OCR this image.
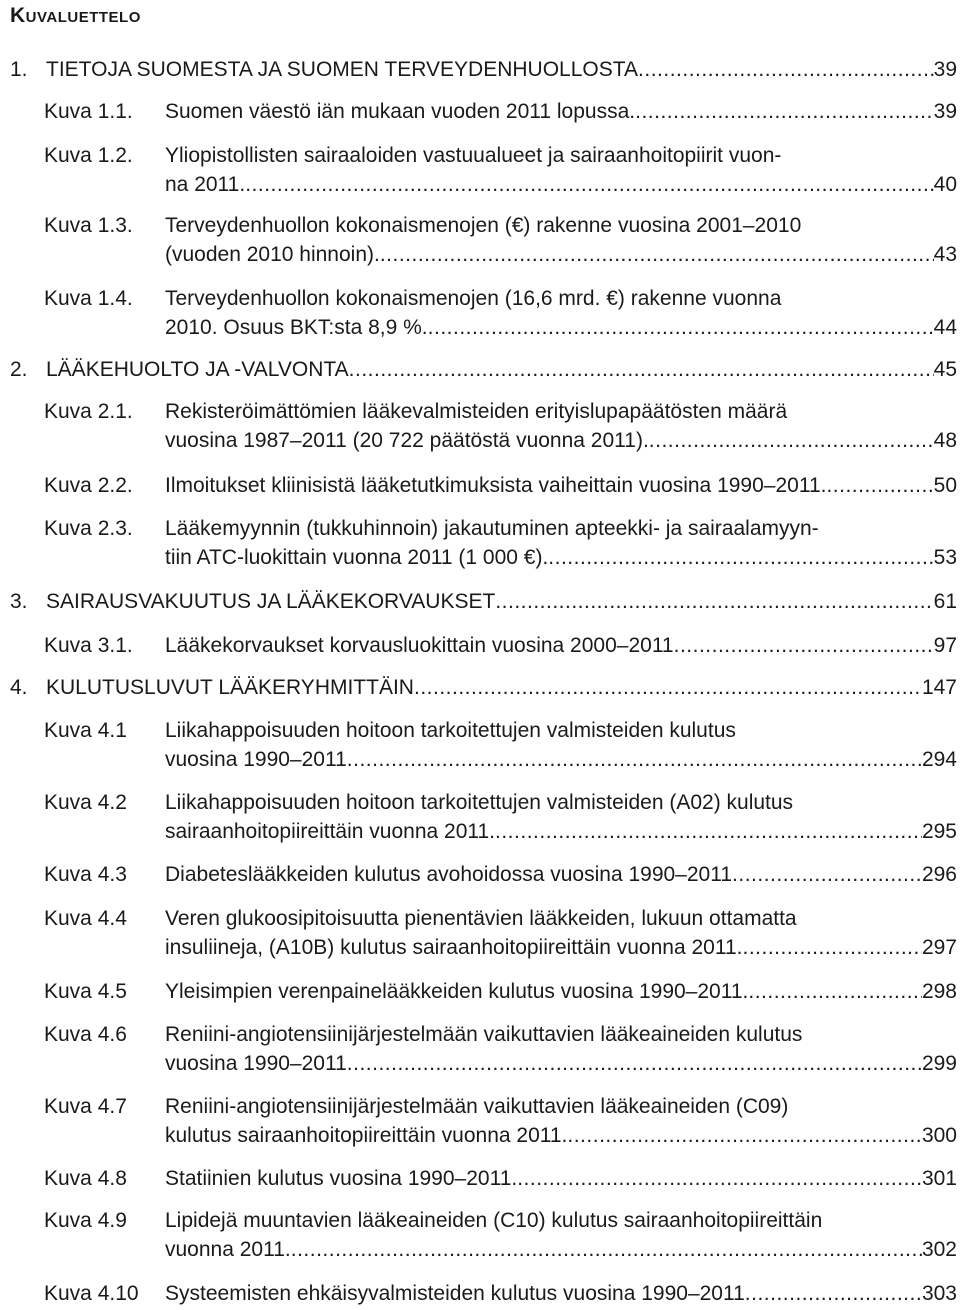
Kuvaluettelo
1. TIETOJA SUOMESTA JA SUOMEN TERVEYDENHUOLLOSTA .....	39
Kuva 1.1.	Suomen väestö iän mukaan vuoden 2011 lopussa. .....	39
Kuva 1.2.	Yliopistollisten sairaaloiden vastuualueet ja sairaanhoitopiirit vuon-
na 2011. .....	40
Kuva 1.3.	Terveydenhuollon kokonaismenojen (€) rakenne vuosina 2001–2010
(vuoden 2010 hinnoin). .....	43
Kuva 1.4.	Terveydenhuollon kokonaismenojen (16,6 mrd. €) rakenne vuonna
2010. Osuus BKT:sta 8,9 %. .....	44
2. LÄÄKEHUOLTO JA -VALVONTA .....	45
Kuva 2.1.	Rekisteröimättömien lääkevalmisteiden erityislupapäätösten määrä
vuosina 1987–2011 (20 722 päätöstä vuonna 2011). .....	48
Kuva 2.2.	Ilmoitukset kliinisistä lääketutkimuksista vaiheittain vuosina 1990–2011. .....	50
Kuva 2.3.	Lääkemyynnin (tukkuhinnoin) jakautuminen apteekki- ja sairaalamyyn-
tiin ATC-luokittain vuonna 2011 (1 000 €). .....	53
3. SAIRAUSVAKUUTUS JA LÄÄKEKORVAUKSET .....	61
Kuva 3.1.	Lääkekorvaukset korvausluokittain vuosina 2000–2011 .....	97
4. KULUTUSLUVUT LÄÄKERYHMITTÄIN .....	147
Kuva 4.1	Liikahappoisuuden hoitoon tarkoitettujen valmisteiden kulutus
vuosina 1990–2011 .....	294
Kuva 4.2	Liikahappoisuuden hoitoon tarkoitettujen valmisteiden (A02) kulutus
sairaanhoitopiireittäin vuonna 2011. .....	295
Kuva 4.3	Diabeteslääkkeiden kulutus avohoidossa vuosina 1990–2011 .....	296
Kuva 4.4	Veren glukoosipitoisuutta pienentävien lääkkeiden, lukuun ottamatta
insuliineja, (A10B) kulutus sairaanhoitopiireittäin vuonna 2011. .....	297
Kuva 4.5	Yleisimpien verenpainelääkkeiden kulutus vuosina 1990–2011. .....	298
Kuva 4.6	Reniini-angiotensiinijärjestelmään vaikuttavien lääkeaineiden kulutus
vuosina 1990–2011 .....	299
Kuva 4.7	Reniini-angiotensiinijärjestelmään vaikuttavien lääkeaineiden (C09)
kulutus sairaanhoitopiireittäin vuonna 2011. .....	300
Kuva 4.8	Statiinien kulutus vuosina 1990–2011. .....	301
Kuva 4.9	Lipidejä muuntavien lääkeaineiden (C10) kulutus sairaanhoitopiireittäin
vuonna 2011. .....	302
Kuva 4.10	Systeemisten ehkäisyvalmisteiden kulutus vuosina 1990–2011 .....	303
